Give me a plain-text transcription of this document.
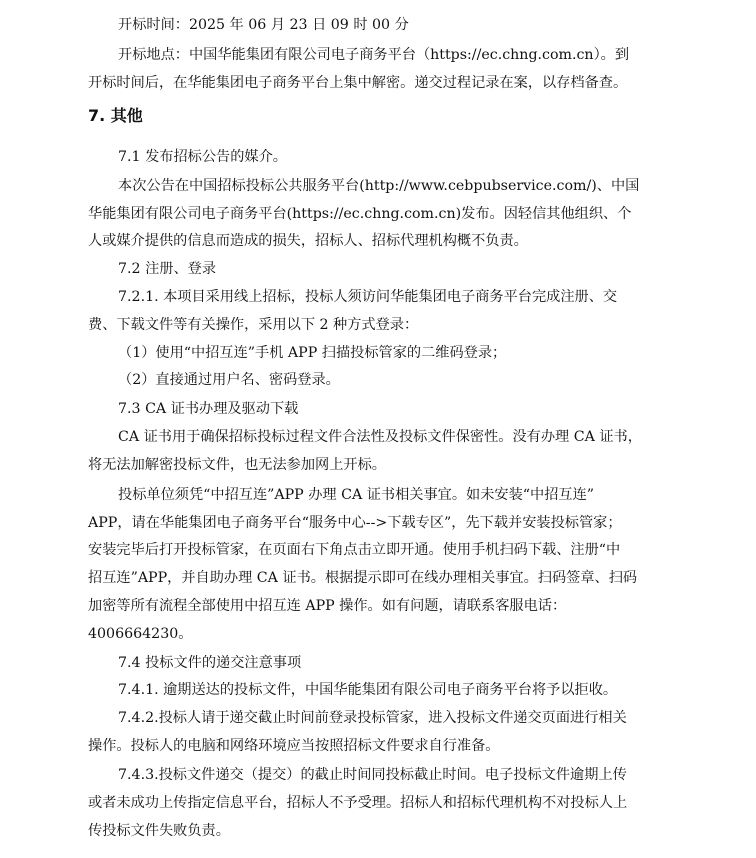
开标时间：2025 年 06 月 23 日 09 时 00 分
开标地点：中国华能集团有限公司电子商务平台（https://ec.chng.com.cn）。到
开标时间后，在华能集团电子商务平台上集中解密。递交过程记录在案，以存档备查。
7. 其他
7.1 发布招标公告的媒介。
本次公告在中国招标投标公共服务平台(http://www.cebpubservice.com/)、中国
华能集团有限公司电子商务平台(https://ec.chng.com.cn)发布。因轻信其他组织、个
人或媒介提供的信息而造成的损失，招标人、招标代理机构概不负责。
7.2 注册、登录
7.2.1. 本项目采用线上招标，投标人须访问华能集团电子商务平台完成注册、交
费、下载文件等有关操作，采用以下 2 种方式登录：
（1）使用“中招互连”手机 APP 扫描投标管家的二维码登录；
（2）直接通过用户名、密码登录。
7.3 CA 证书办理及驱动下载
CA 证书用于确保招标投标过程文件合法性及投标文件保密性。没有办理 CA 证书，
将无法加解密投标文件，也无法参加网上开标。
投标单位须凭“中招互连”APP 办理 CA 证书相关事宜。如未安装“中招互连”
APP，请在华能集团电子商务平台“服务中心-->下载专区”，先下载并安装投标管家；
安装完毕后打开投标管家，在页面右下角点击立即开通。使用手机扫码下载、注册“中
招互连”APP，并自助办理 CA 证书。根据提示即可在线办理相关事宜。扫码签章、扫码
加密等所有流程全部使用中招互连 APP 操作。如有问题，请联系客服电话：
4006664230。
7.4 投标文件的递交注意事项
7.4.1. 逾期送达的投标文件，中国华能集团有限公司电子商务平台将予以拒收。
7.4.2.投标人请于递交截止时间前登录投标管家，进入投标文件递交页面进行相关
操作。投标人的电脑和网络环境应当按照招标文件要求自行准备。
7.4.3.投标文件递交（提交）的截止时间同投标截止时间。电子投标文件逾期上传
或者未成功上传指定信息平台，招标人不予受理。招标人和招标代理机构不对投标人上
传投标文件失败负责。
